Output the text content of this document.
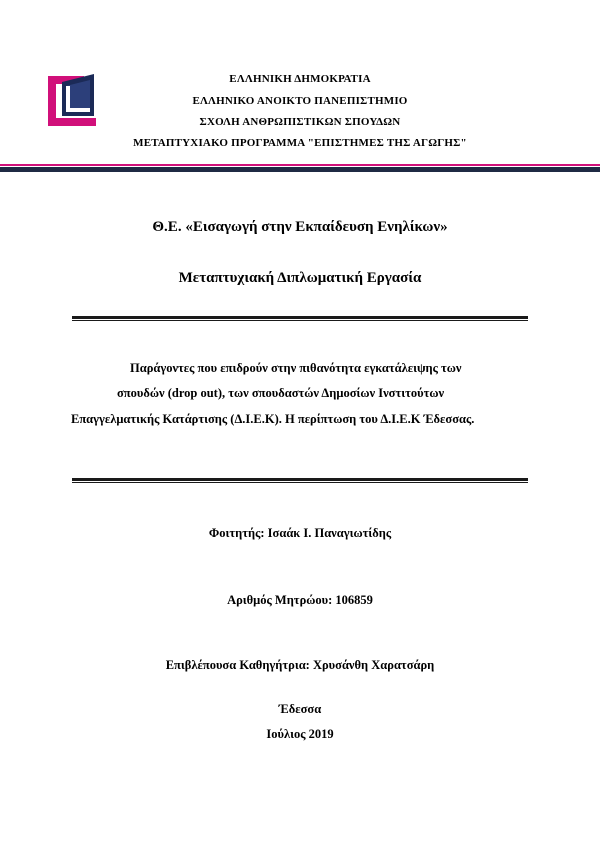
ΕΛΛΗΝΙΚΗ ΔΗΜΟΚΡΑΤΙΑ
ΕΛΛΗΝΙΚΟ ΑΝΟΙΚΤΟ ΠΑΝΕΠΙΣΤΗΜΙΟ
ΣΧΟΛΗ ΑΝΘΡΩΠΙΣΤΙΚΩΝ ΣΠΟΥΔΩΝ
ΜΕΤΑΠΤΥΧΙΑΚΟ ΠΡΟΓΡΑΜΜΑ "ΕΠΙΣΤΗΜΕΣ ΤΗΣ ΑΓΩΓΗΣ"
Θ.Ε. «Εισαγωγή στην Εκπαίδευση Ενηλίκων»
Μεταπτυχιακή Διπλωματική Εργασία
Παράγοντες που επιδρούν στην πιθανότητα εγκατάλειψης των
σπουδών (drop out), των σπουδαστών Δημοσίων Ινστιτούτων
Επαγγελματικής Κατάρτισης (Δ.Ι.Ε.Κ). Η περίπτωση του Δ.Ι.Ε.Κ Έδεσσας.
Φοιτητής: Ισαάκ Ι. Παναγιωτίδης
Αριθμός Μητρώου: 106859
Επιβλέπουσα Καθηγήτρια: Χρυσάνθη Χαρατσάρη
Έδεσσα
Ιούλιος 2019
